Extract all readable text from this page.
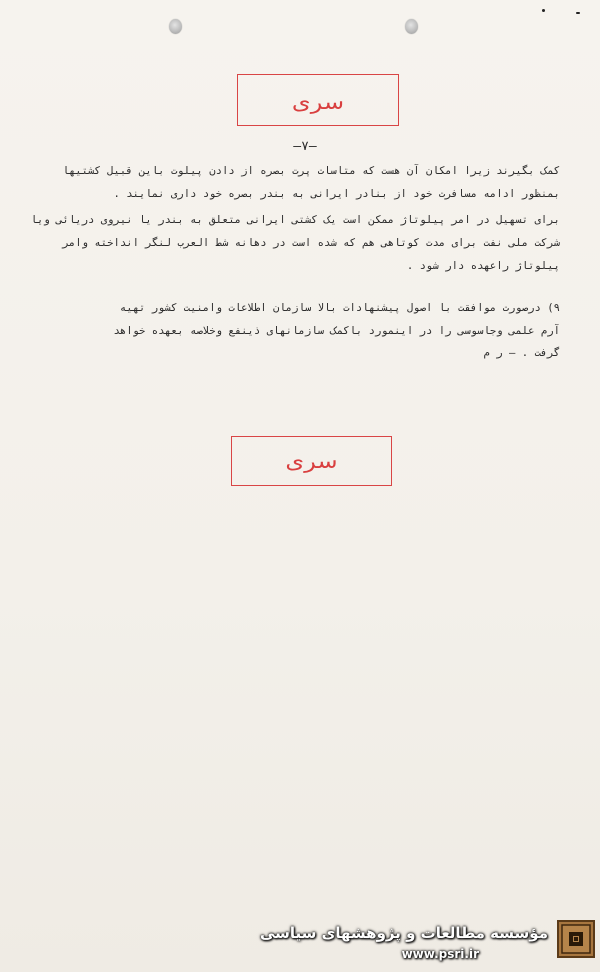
سری
–۷–
کمک بگیرند زیرا امکان آن هست که متاسات پرت بصره از دادن پیلوت باین قبیل کشتیها
بمنظور ادامه مسافرت خود از بنادر ایرانی به بندر بصره خود داری نمایند .
برای تسهیل در امر پیلوتاژ ممکن است یک کشتی ایرانی متعلق به بندر یا نیروی دریائی ویا
شرکت ملی نفت برای مدت کوتاهی هم که شده است در دهانه شط العرب لنگر انداخته وامر
پیلوتاژ راعهده دار شود .
۹) درصورت موافقت با اصول پیشنهادات بالا سازمان اطلاعات وامنیت کشور تهیه
آرم علمی وجاسوسی را در اینمورد باکمک سازمانهای ذینفع وخلاصه بعهده خواهد
گرفت . – ر م
سری
مؤسسه مطالعات و پژوهشهای سیاسی
www.psri.ir
